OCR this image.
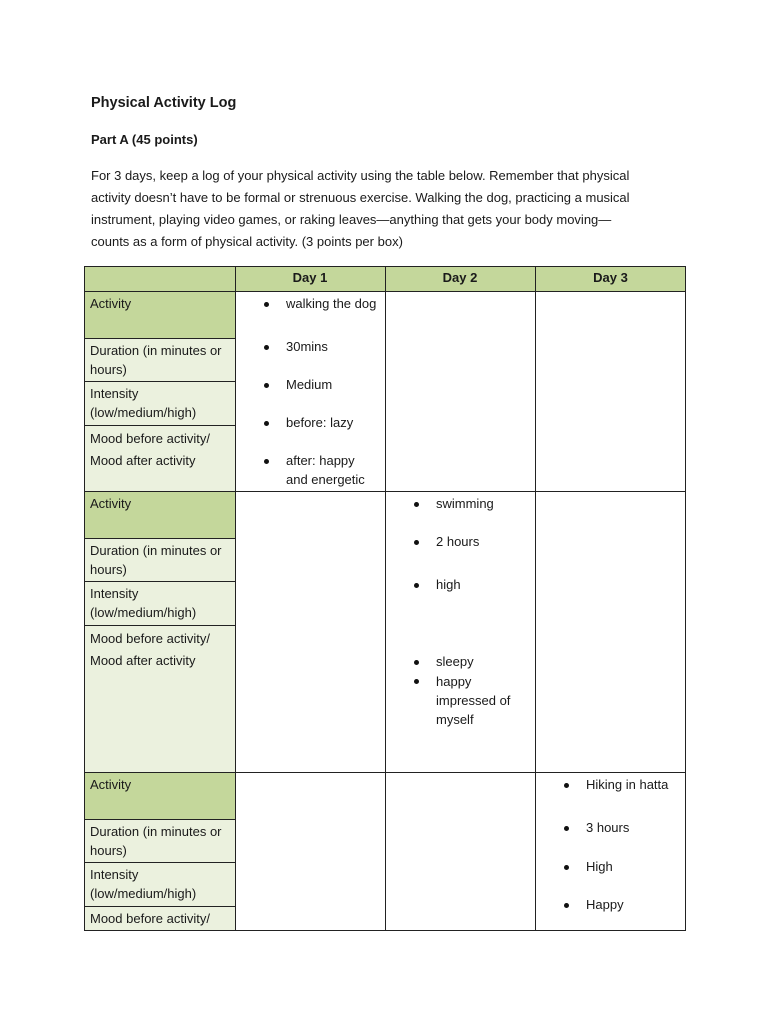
Physical Activity Log
Part A (45 points)

For 3 days, keep a log of your physical activity using the table below. Remember that physical
activity doesn’t have to be formal or strenuous exercise. Walking the dog, practicing a musical
instrument, playing video games, or raking leaves—anything that gets your body moving—
counts as a form of physical activity. (3 points per box)

Day 1	Day 2	Day 3
Activity
Duration (in minutes or hours)
Intensity (low/medium/high)
Mood before activity/ Mood after activity
Activity
Duration (in minutes or hours)
Intensity (low/medium/high)
Mood before activity/ Mood after activity
Activity
Duration (in minutes or hours)
Intensity (low/medium/high)
Mood before activity/
walking the dog
30mins
Medium
before: lazy
after: happy and energetic
swimming
2 hours
high
sleepy
happy impressed of myself
Hiking in hatta
3 hours
High
Happy
